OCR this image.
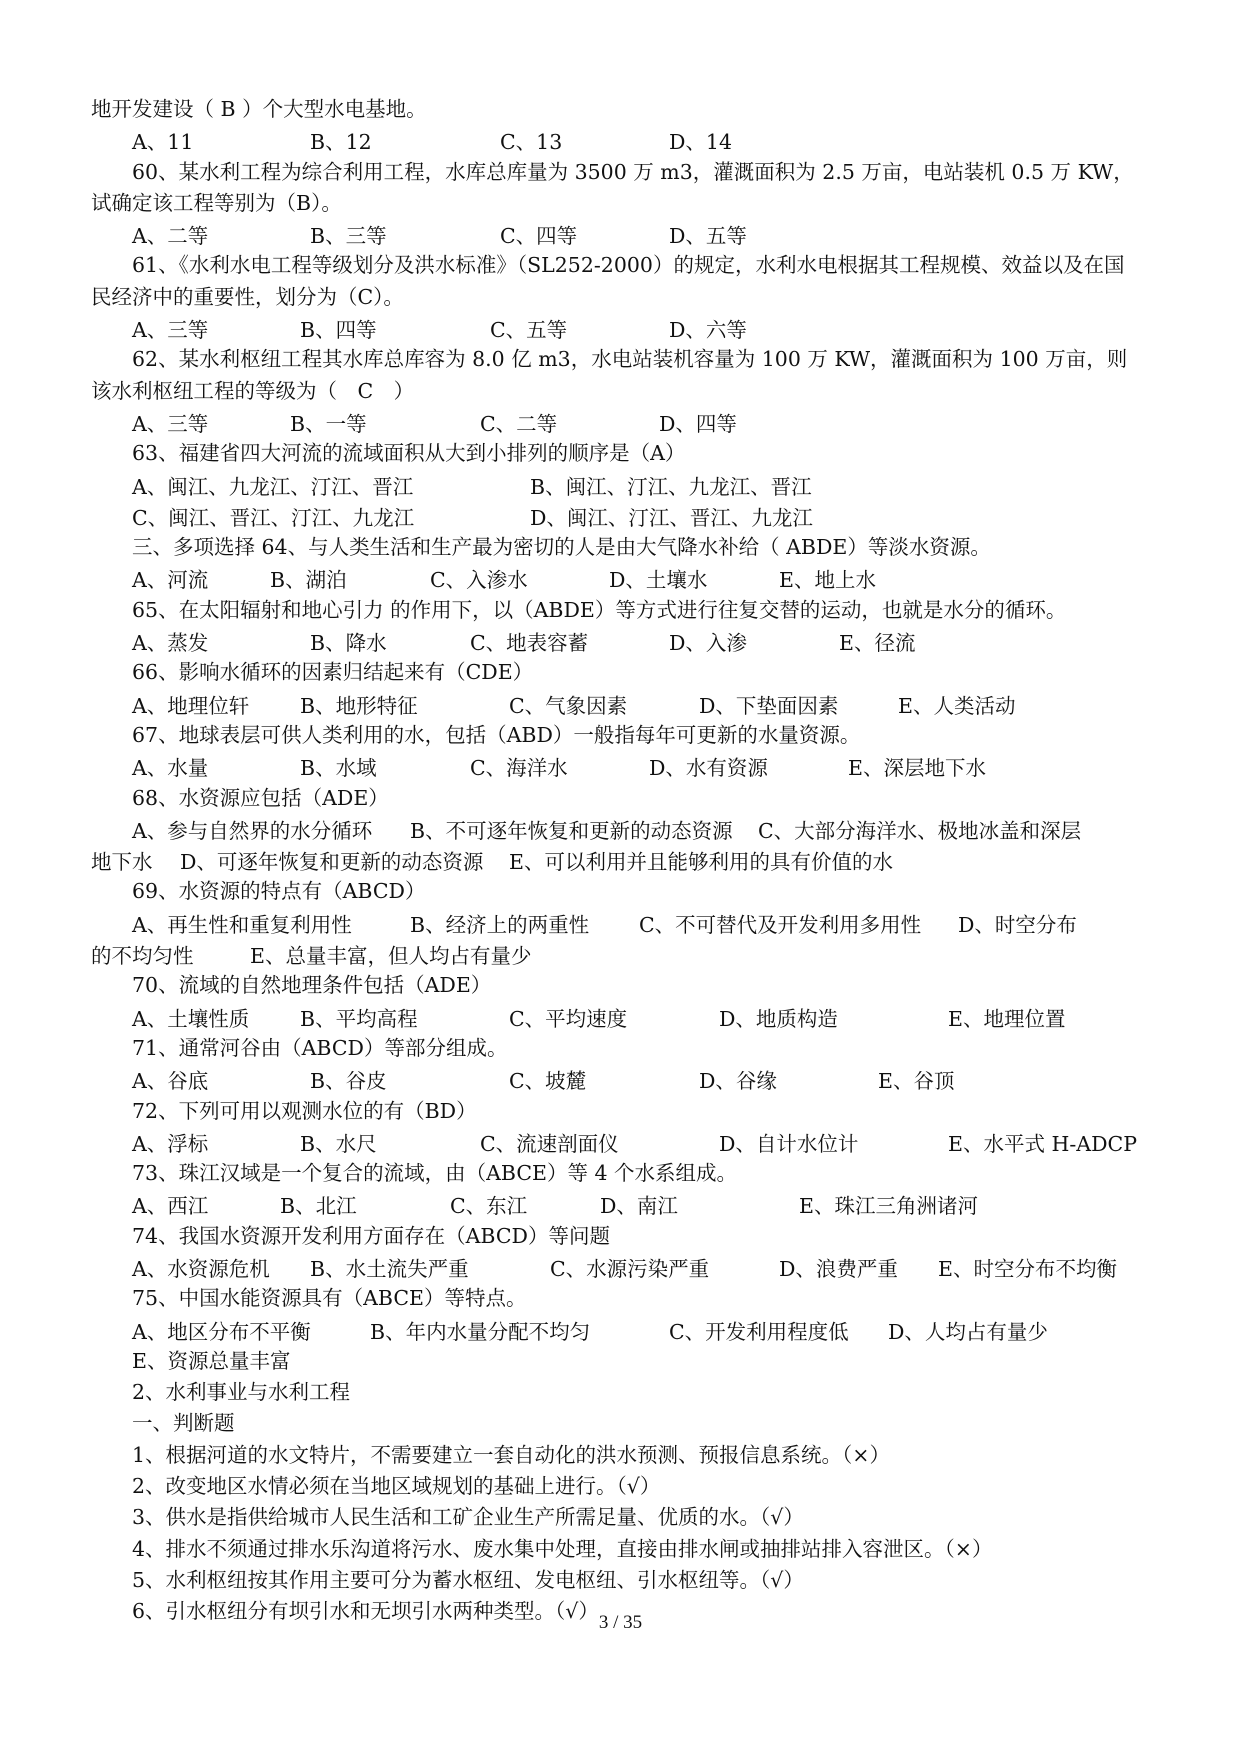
地开发建设（ B ）个大型水电基地。
A、11	B、12	C、13	D、14
60、某水利工程为综合利用工程，水库总库量为 3500 万 m3，灌溉面积为 2.5 万亩，电站装机 0.5 万 KW，
试确定该工程等别为（B）。
A、二等	B、三等	C、四等	D、五等
61、《水利水电工程等级划分及洪水标准》（SL252-2000）的规定，水利水电根据其工程规模、效益以及在国
民经济中的重要性，划分为（C）。
A、三等	B、四等	C、五等	D、六等
62、某水利枢纽工程其水库总库容为 8.0 亿 m3，水电站装机容量为 100 万 KW，灌溉面积为 100 万亩，则
该水利枢纽工程的等级为（　C　）
A、三等	B、一等	C、二等	D、四等
63、福建省四大河流的流域面积从大到小排列的顺序是（A）
A、闽江、九龙江、汀江、晋江	B、闽江、汀江、九龙江、晋江
C、闽江、晋江、汀江、九龙江	D、闽江、汀江、晋江、九龙江
三、多项选择 64、与人类生活和生产最为密切的人是由大气降水补给（ ABDE）等淡水资源。
A、河流	B、湖泊	C、入渗水	D、土壤水	E、地上水
65、在太阳辐射和地心引力 的作用下，以（ABDE）等方式进行往复交替的运动，也就是水分的循环。
A、蒸发	B、降水	C、地表容蓄	D、入渗	E、径流
66、影响水循环的因素归结起来有（CDE）
A、地理位轩 B、地形特征	C、气象因素	D、下垫面因素	E、人类活动
67、地球表层可供人类利用的水，包括（ABD）一般指每年可更新的水量资源。
A、水量	B、水域	C、海洋水	D、水有资源	E、深层地下水
68、水资源应包括（ADE）
A、参与自然界的水分循环 B、不可逐年恢复和更新的动态资源 C、大部分海洋水、极地冰盖和深层
地下水 D、可逐年恢复和更新的动态资源 E、可以利用并且能够利用的具有价值的水
69、水资源的特点有（ABCD）
A、再生性和重复利用性	B、经济上的两重性 C、不可替代及开发利用多用性 D、时空分布
的不均匀性	E、总量丰富，但人均占有量少
70、流域的自然地理条件包括（ADE）
A、土壤性质 B、平均高程	C、平均速度	D、地质构造	E、地理位置
71、通常河谷由（ABCD）等部分组成。
A、谷底	B、谷皮	C、坡麓	D、谷缘	E、谷顶
72、下列可用以观测水位的有（BD）
A、浮标	B、水尺	C、流速剖面仪	D、自计水位计	E、水平式 H-ADCP
73、珠江汉域是一个复合的流域，由（ABCE）等 4 个水系组成。
A、西江	B、北江	C、东江	D、南江	E、珠江三角洲诸河
74、我国水资源开发利用方面存在（ABCD）等问题
A、水资源危机 B、水土流失严重	C、水源污染严重	D、浪费严重 E、时空分布不均衡
75、中国水能资源具有（ABCE）等特点。
A、地区分布不平衡	B、年内水量分配不均匀	C、开发利用程度低 D、人均占有量少
E、资源总量丰富
2、水利事业与水利工程
一、判断题
1、根据河道的水文特片，不需要建立一套自动化的洪水预测、预报信息系统。（×）
2、改变地区水情必须在当地区域规划的基础上进行。（√）
3、供水是指供给城市人民生活和工矿企业生产所需足量、优质的水。（√）
4、排水不须通过排水乐沟道将污水、废水集中处理，直接由排水闸或抽排站排入容泄区。（×）
5、水利枢纽按其作用主要可分为蓄水枢纽、发电枢纽、引水枢纽等。（√）
6、引水枢纽分有坝引水和无坝引水两种类型。（√） 3 / 35
